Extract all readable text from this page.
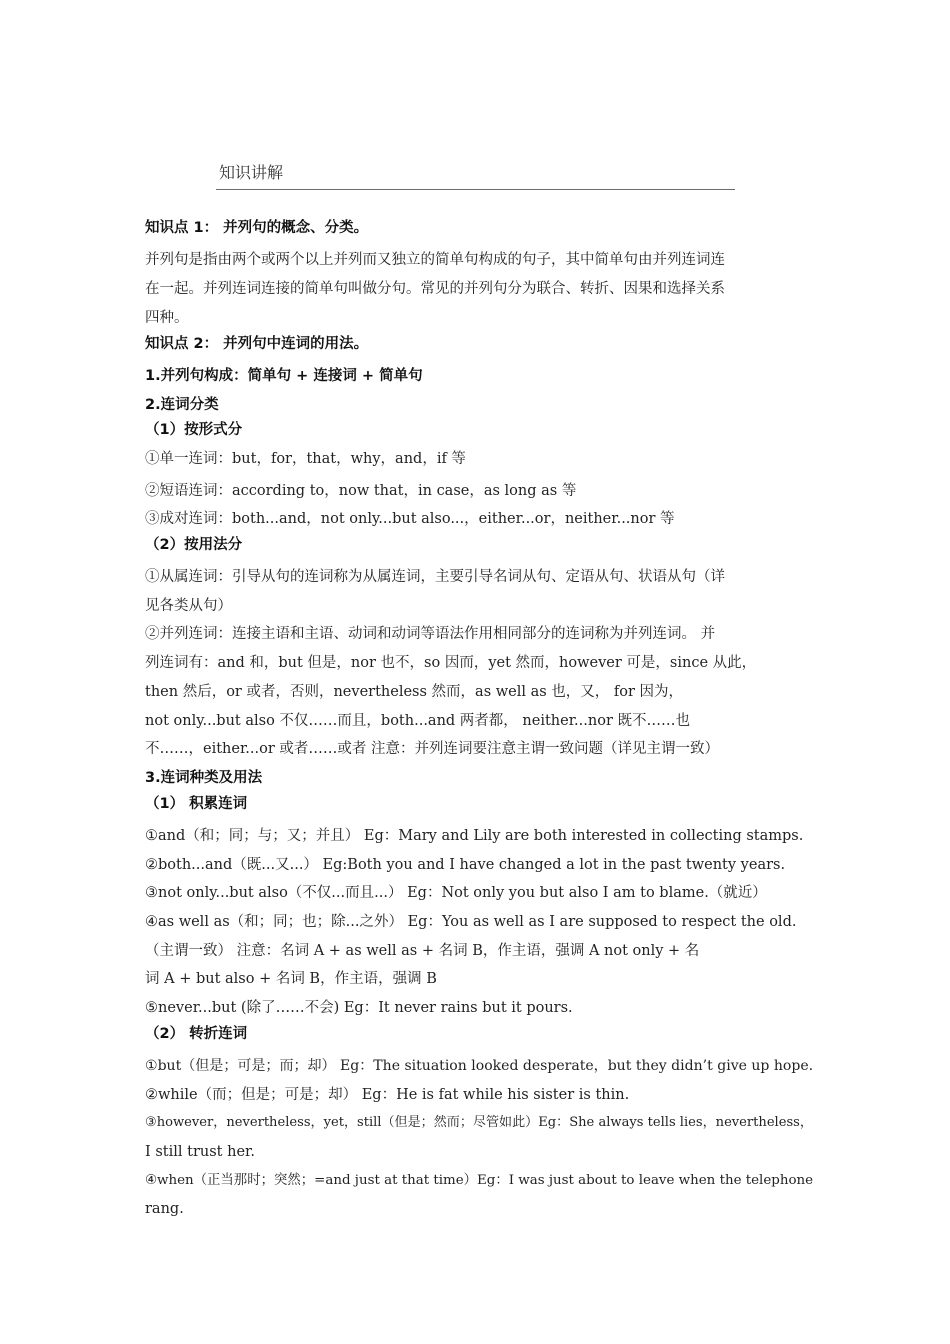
知识讲解
知识点 1： 并列句的概念、分类。
并列句是指由两个或两个以上并列而又独立的简单句构成的句子，其中简单句由并列连词连
在一起。并列连词连接的简单句叫做分句。常见的并列句分为联合、转折、因果和选择关系
四种。
知识点 2： 并列句中连词的用法。
1.并列句构成：简单句 + 连接词 + 简单句
2.连词分类
（1）按形式分
①单一连词：but，for，that，why，and，if 等
②短语连词：according to，now that，in case，as long as 等
③成对连词：both...and，not only...but also...，either...or，neither...nor 等
（2）按用法分
①从属连词：引导从句的连词称为从属连词，主要引导名词从句、定语从句、状语从句（详
见各类从句）
②并列连词：连接主语和主语、动词和动词等语法作用相同部分的连词称为并列连词。 并
列连词有：and 和，but 但是，nor 也不，so 因而，yet 然而，however 可是，since 从此，
then 然后，or 或者，否则，nevertheless 然而，as well as 也，又， for 因为，
not only...but also 不仅……而且，both...and 两者都， neither...nor 既不……也
不……，either...or 或者……或者 注意：并列连词要注意主谓一致问题（详见主谓一致）
3.连词种类及用法
（1） 积累连词
①and（和；同；与；又；并且） Eg：Mary and Lily are both interested in collecting stamps.
②both...and（既...又...） Eg:Both you and I have changed a lot in the past twenty years.
③not only...but also（不仅...而且...） Eg：Not only you but also I am to blame.（就近）
④as well as（和；同；也；除...之外） Eg：You as well as I are supposed to respect the old.
（主谓一致） 注意：名词 A + as well as + 名词 B，作主语，强调 A not only + 名
词 A + but also + 名词 B，作主语，强调 B
⑤never...but (除了……不会) Eg：It never rains but it pours.
（2） 转折连词
①but（但是；可是；而；却） Eg：The situation looked desperate，but they didn’t give up hope.
②while（而；但是；可是；却） Eg：He is fat while his sister is thin.
③however，nevertheless，yet，still（但是；然而；尽管如此）Eg：She always tells lies，nevertheless，
I still trust her.
④when（正当那时；突然；=and just at that time）Eg：I was just about to leave when the telephone
rang.
